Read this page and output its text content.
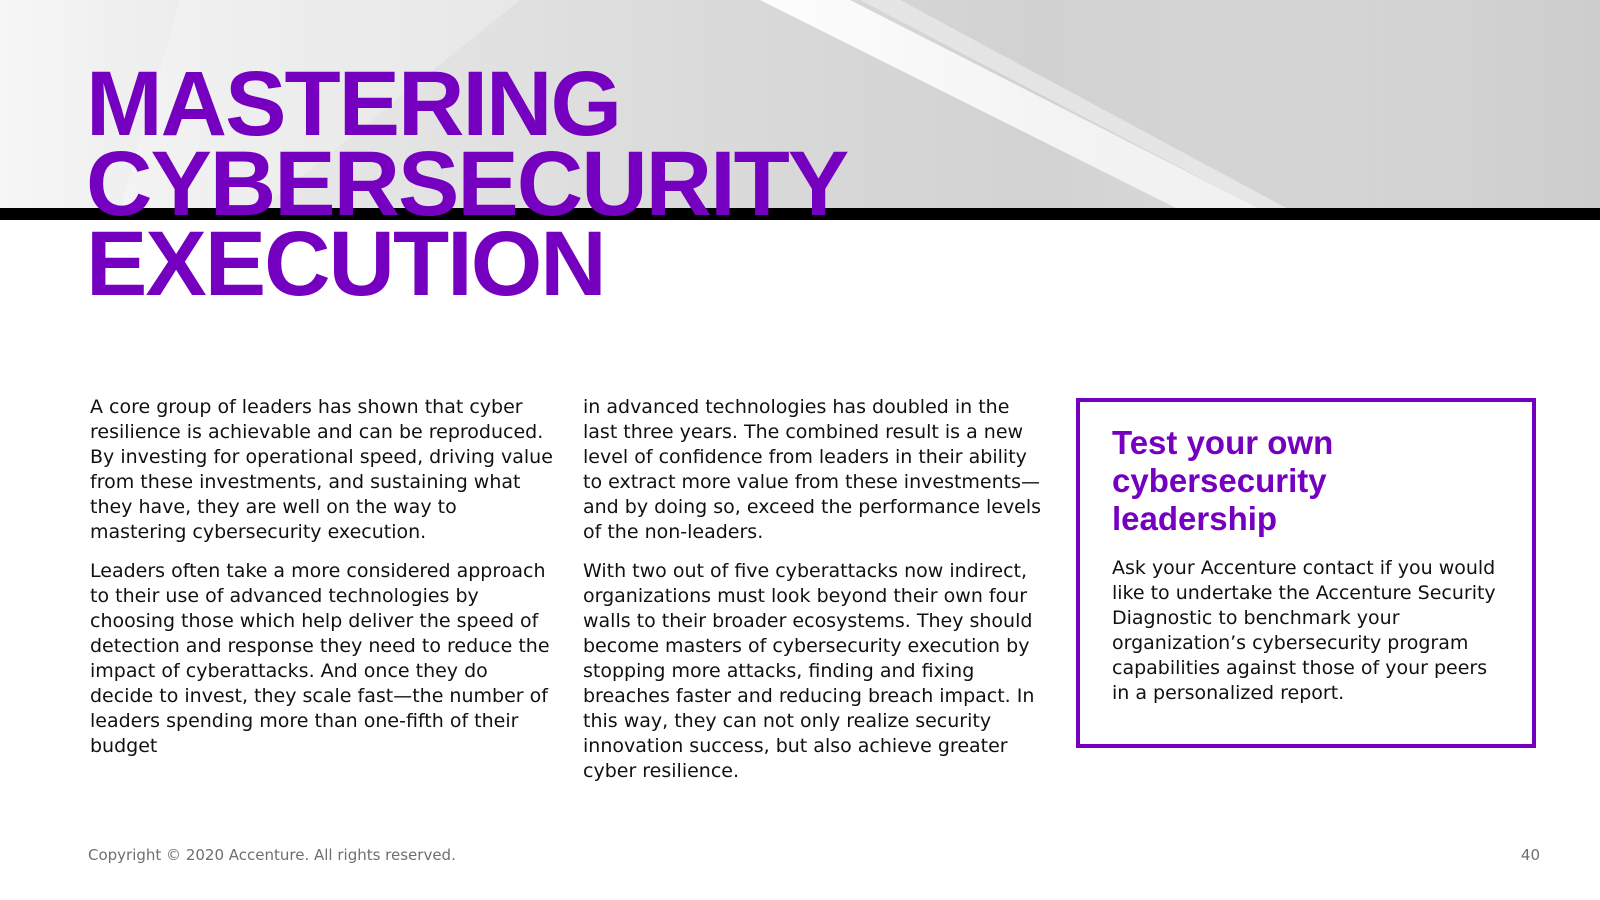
MASTERING
CYBERSECURITY
EXECUTION

A core group of leaders has shown that cyber resilience is achievable and can be reproduced. By investing for operational speed, driving value from these investments, and sustaining what they have, they are well on the way to mastering cybersecurity execution.

Leaders often take a more considered approach to their use of advanced technologies by choosing those which help deliver the speed of detection and response they need to reduce the impact of cyberattacks. And once they do decide to invest, they scale fast—the number of leaders spending more than one-fifth of their budget

in advanced technologies has doubled in the last three years. The combined result is a new level of confidence from leaders in their ability to extract more value from these investments—and by doing so, exceed the performance levels of the non-leaders.

With two out of five cyberattacks now indirect, organizations must look beyond their own four walls to their broader ecosystems. They should become masters of cybersecurity execution by stopping more attacks, finding and fixing breaches faster and reducing breach impact. In this way, they can not only realize security innovation success, but also achieve greater cyber resilience.

Test your own
cybersecurity
leadership

Ask your Accenture contact if you would like to undertake the Accenture Security Diagnostic to benchmark your organization’s cybersecurity program capabilities against those of your peers in a personalized report.

Copyright © 2020 Accenture. All rights reserved.	40
